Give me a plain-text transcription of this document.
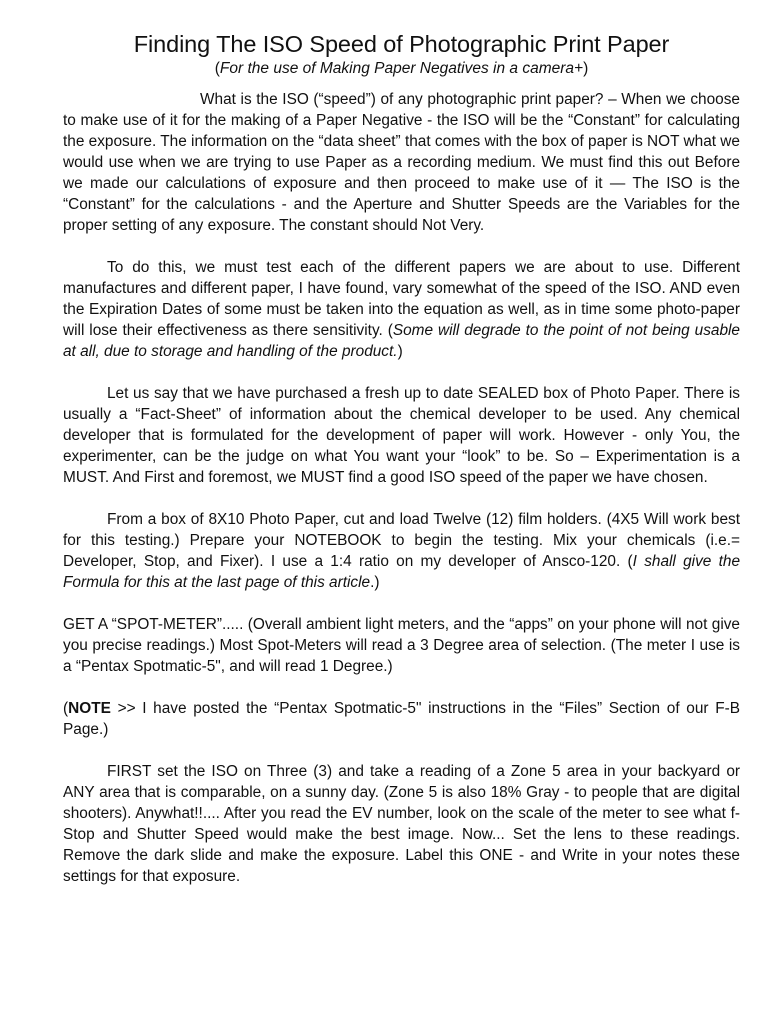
Finding The ISO Speed of Photographic Print Paper
(For the use of Making Paper Negatives in a camera+)

What is the ISO (“speed”) of any photographic print paper? – When we choose to make use of it for the making of a Paper Negative - the ISO will be the “Constant” for calculating the exposure. The information on the “data sheet” that comes with the box of paper is NOT what we would use when we are trying to use Paper as a recording medium. We must find this out Before we made our calculations of exposure and then proceed to make use of it — The ISO is the “Constant” for the calculations - and the Aperture and Shutter Speeds are the Variables for the proper setting of any exposure. The constant should Not Very.

To do this, we must test each of the different papers we are about to use. Different manufactures and different paper, I have found, vary somewhat of the speed of the ISO. AND even the Expiration Dates of some must be taken into the equation as well, as in time some photo-paper will lose their effectiveness as there sensitivity. (Some will degrade to the point of not being usable at all, due to storage and handling of the product.)

Let us say that we have purchased a fresh up to date SEALED box of Photo Paper. There is usually a “Fact-Sheet” of information about the chemical developer to be used. Any chemical developer that is formulated for the development of paper will work. However - only You, the experimenter, can be the judge on what You want your “look” to be. So – Experimentation is a MUST. And First and foremost, we MUST find a good ISO speed of the paper we have chosen.

From a box of 8X10 Photo Paper, cut and load Twelve (12) film holders. (4X5 Will work best for this testing.) Prepare your NOTEBOOK to begin the testing. Mix your chemicals (i.e.= Developer, Stop, and Fixer). I use a 1:4 ratio on my developer of Ansco-120. (I shall give the Formula for this at the last page of this article.)

GET A “SPOT-METER”..... (Overall ambient light meters, and the “apps” on your phone will not give you precise readings.) Most Spot-Meters will read a 3 Degree area of selection. (The meter I use is a “Pentax Spotmatic-5", and will read 1 Degree.)

(NOTE >> I have posted the “Pentax Spotmatic-5" instructions in the “Files” Section of our F-B Page.)

FIRST set the ISO on Three (3) and take a reading of a Zone 5 area in your backyard or ANY area that is comparable, on a sunny day. (Zone 5 is also 18% Gray - to people that are digital shooters). Anywhat!!.... After you read the EV number, look on the scale of the meter to see what f-Stop and Shutter Speed would make the best image. Now... Set the lens to these readings. Remove the dark slide and make the exposure. Label this ONE - and Write in your notes these settings for that exposure.
